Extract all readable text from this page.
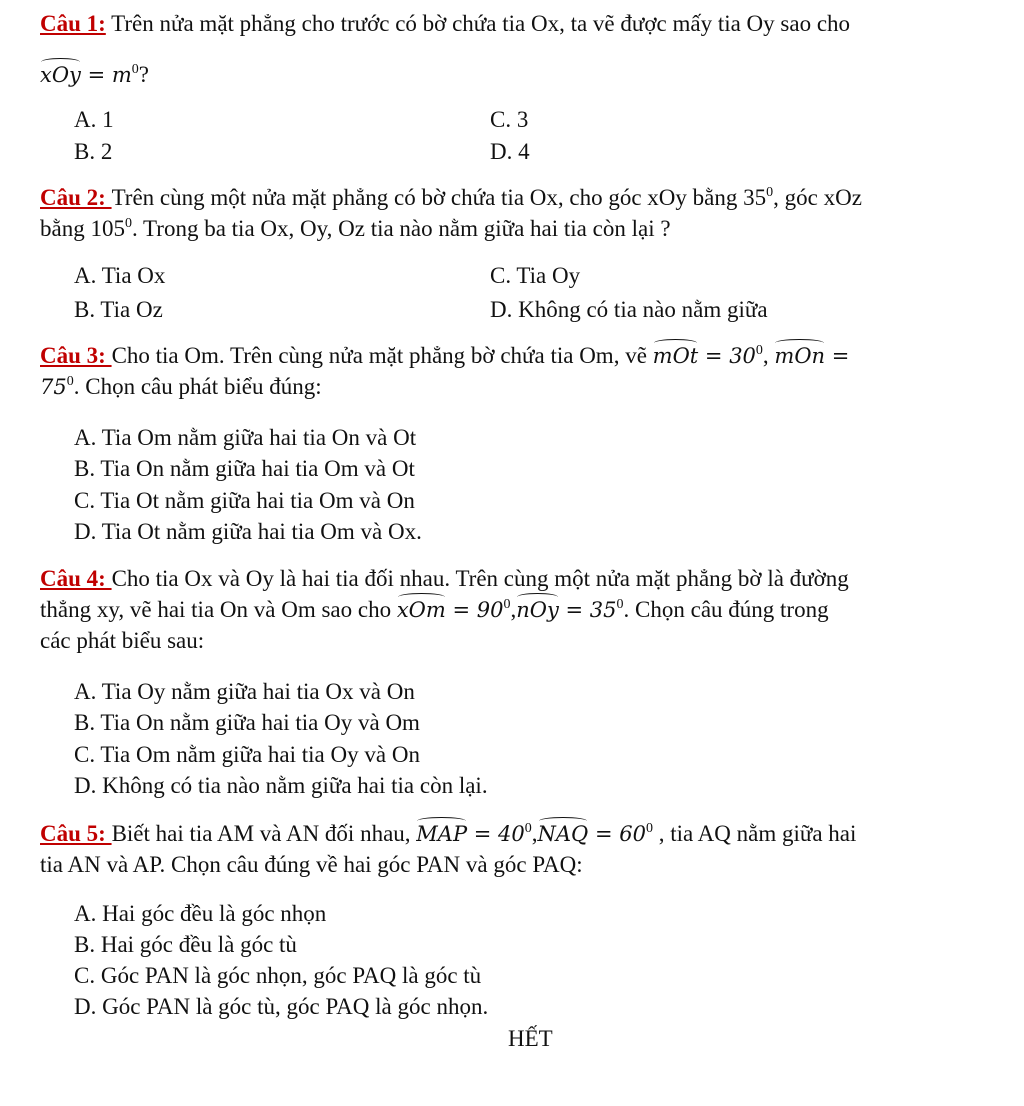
Câu 1: Trên nửa mặt phẳng cho trước có bờ chứa tia Ox, ta vẽ được mấy tia Oy sao cho
xOy = $m^0$?
A. 1
B. 2
C. 3
D. 4
Câu 2: Trên cùng một nửa mặt phẳng có bờ chứa tia Ox, cho góc xOy bằng $35^0$, góc xOz
bằng $105^0$. Trong ba tia Ox, Oy, Oz tia nào nằm giữa hai tia còn lại ?
A. Tia Ox
B. Tia Oz
C. Tia Oy
D. Không có tia nào nằm giữa
Câu 3: Cho tia Om. Trên cùng nửa mặt phẳng bờ chứa tia Om, vẽ mOt = $30^0$, mOn =
$75^0$. Chọn câu phát biểu đúng:
A. Tia Om nằm giữa hai tia On và Ot
B. Tia On nằm giữa hai tia Om và Ot
C. Tia Ot nằm giữa hai tia Om và On
D. Tia Ot nằm giữa hai tia Om và Ox.
Câu 4: Cho tia Ox và Oy là hai tia đối nhau. Trên cùng một nửa mặt phẳng bờ là đường
thẳng xy, vẽ hai tia On và Om sao cho xOm = $90^0,nOy = 35^0$. Chọn câu đúng trong
các phát biểu sau:
A. Tia Oy nằm giữa hai tia Ox và On
B. Tia On nằm giữa hai tia Oy và Om
C. Tia Om nằm giữa hai tia Oy và On
D. Không có tia nào nằm giữa hai tia còn lại.
Câu 5: Biết hai tia AM và AN đối nhau, MAP = $40^0,NAQ = 60^0$ , tia AQ nằm giữa hai
tia AN và AP. Chọn câu đúng về hai góc PAN và góc PAQ:
A. Hai góc đều là góc nhọn
B. Hai góc đều là góc tù
C. Góc PAN là góc nhọn, góc PAQ là góc tù
D. Góc PAN là góc tù, góc PAQ là góc nhọn.
HẾT
